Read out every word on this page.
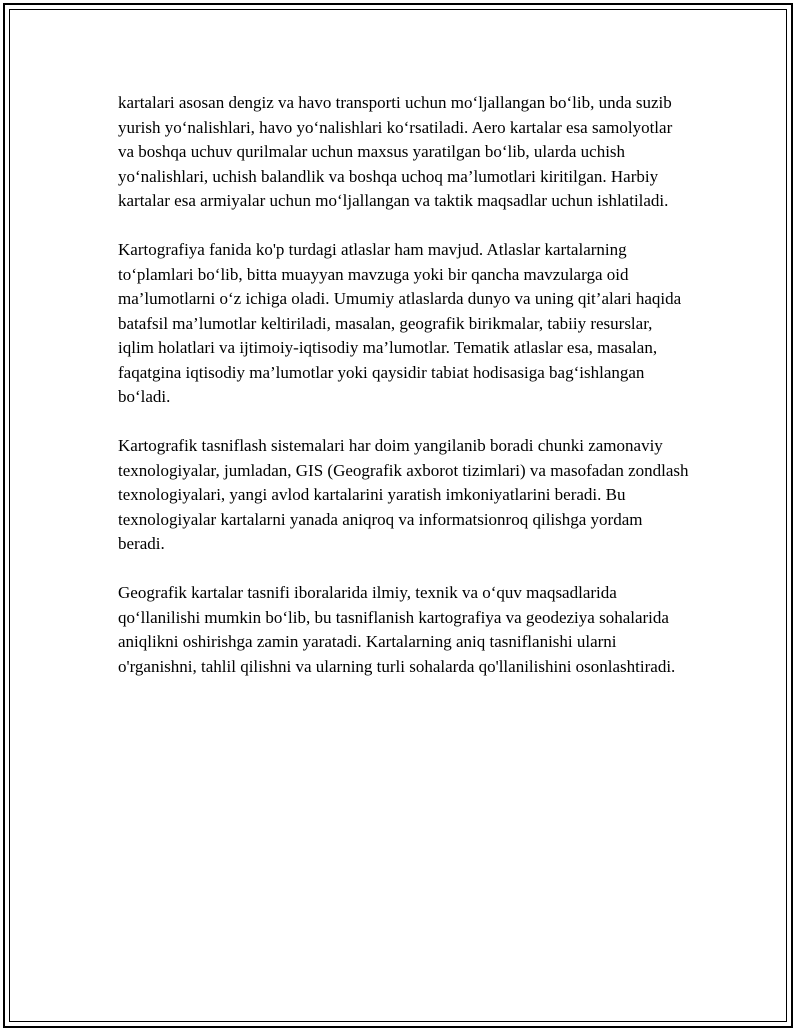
kartalari asosan dengiz va havo transporti uchun mo‘ljallangan bo‘lib, unda suzib yurish yo‘nalishlari, havo yo‘nalishlari ko‘rsatiladi. Aero kartalar esa samolyotlar va boshqa uchuv qurilmalar uchun maxsus yaratilgan bo‘lib, ularda uchish yo‘nalishlari, uchish balandlik va boshqa uchoq ma’lumotlari kiritilgan. Harbiy kartalar esa armiyalar uchun mo‘ljallangan va taktik maqsadlar uchun ishlatiladi.

Kartografiya fanida ko'p turdagi atlaslar ham mavjud. Atlaslar kartalarning to‘plamlari bo‘lib, bitta muayyan mavzuga yoki bir qancha mavzularga oid ma’lumotlarni o‘z ichiga oladi. Umumiy atlaslarda dunyo va uning qit’alari haqida batafsil ma’lumotlar keltiriladi, masalan, geografik birikmalar, tabiiy resurslar, iqlim holatlari va ijtimoiy-iqtisodiy ma’lumotlar. Tematik atlaslar esa, masalan, faqatgina iqtisodiy ma’lumotlar yoki qaysidir tabiat hodisasiga bag‘ishlangan bo‘ladi.

Kartografik tasniflash sistemalari har doim yangilanib boradi chunki zamonaviy texnologiyalar, jumladan, GIS (Geografik axborot tizimlari) va masofadan zondlash texnologiyalari, yangi avlod kartalarini yaratish imkoniyatlarini beradi. Bu texnologiyalar kartalarni yanada aniqroq va informatsionroq qilishga yordam beradi.

Geografik kartalar tasnifi iboralarida ilmiy, texnik va o‘quv maqsadlarida qo‘llanilishi mumkin bo‘lib, bu tasniflanish kartografiya va geodeziya sohalarida aniqlikni oshirishga zamin yaratadi. Kartalarning aniq tasniflanishi ularni o'rganishni, tahlil qilishni va ularning turli sohalarda qo'llanilishini osonlashtiradi.
